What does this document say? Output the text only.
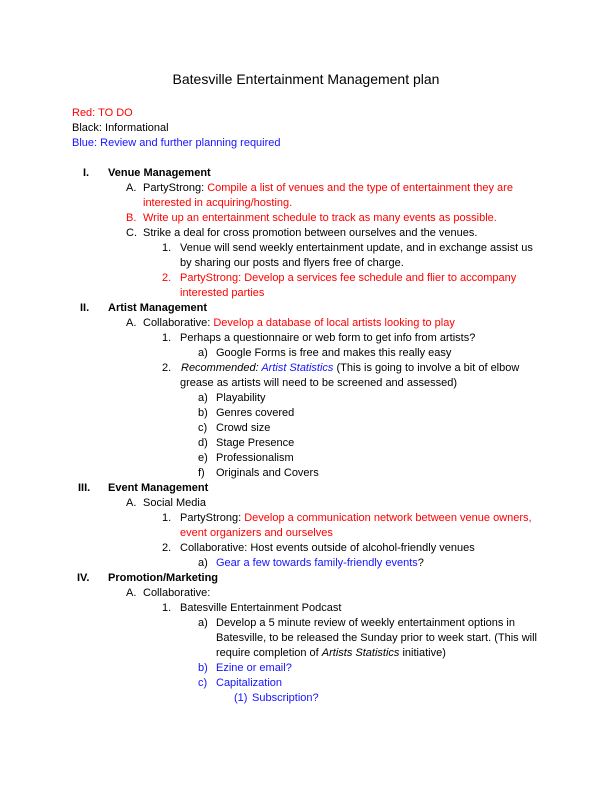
Batesville Entertainment Management plan
Red: TO DO
Black: Informational
Blue: Review and further planning required
I. Venue Management
A. PartyStrong: Compile a list of venues and the type of entertainment they are
interested in acquiring/hosting.
B. Write up an entertainment schedule to track as many events as possible.
C. Strike a deal for cross promotion between ourselves and the venues.
1. Venue will send weekly entertainment update, and in exchange assist us
by sharing our posts and flyers free of charge.
2. PartyStrong: Develop a services fee schedule and flier to accompany
interested parties
II. Artist Management
A. Collaborative: Develop a database of local artists looking to play
1. Perhaps a questionnaire or web form to get info from artists?
a) Google Forms is free and makes this really easy
2. Recommended: Artist Statistics (This is going to involve a bit of elbow
grease as artists will need to be screened and assessed)
a) Playability
b) Genres covered
c) Crowd size
d) Stage Presence
e) Professionalism
f) Originals and Covers
III. Event Management
A. Social Media
1. PartyStrong: Develop a communication network between venue owners,
event organizers and ourselves
2. Collaborative: Host events outside of alcohol-friendly venues
a) Gear a few towards family-friendly events?
IV. Promotion/Marketing
A. Collaborative:
1. Batesville Entertainment Podcast
a) Develop a 5 minute review of weekly entertainment options in
Batesville, to be released the Sunday prior to week start. (This will
require completion of Artists Statistics initiative)
b) Ezine or email?
c) Capitalization
(1) Subscription?
